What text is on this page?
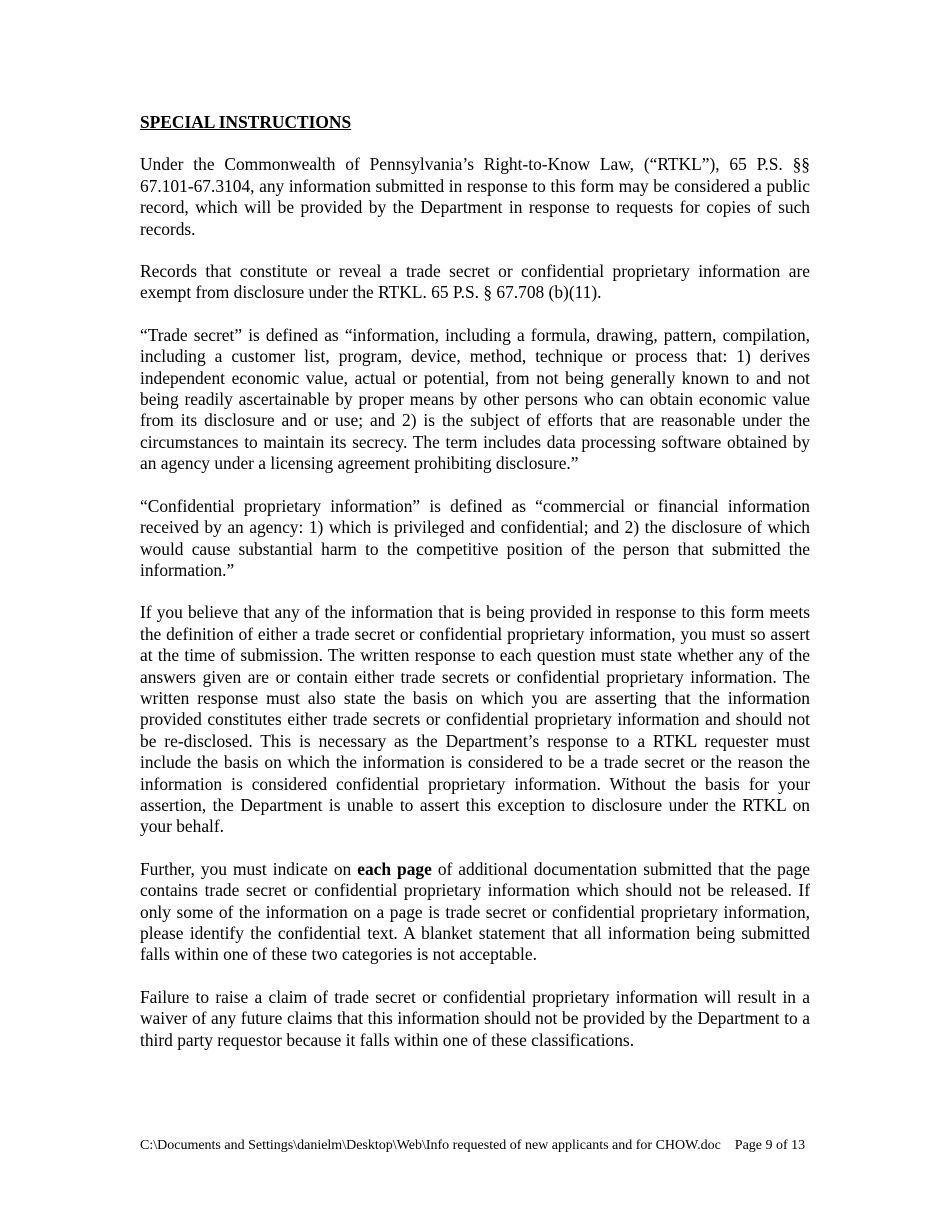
SPECIAL INSTRUCTIONS

Under the Commonwealth of Pennsylvania’s Right-to-Know Law, (“RTKL”), 65 P.S. §§ 67.101-67.3104, any information submitted in response to this form may be considered a public record, which will be provided by the Department in response to requests for copies of such records.

Records that constitute or reveal a trade secret or confidential proprietary information are exempt from disclosure under the RTKL. 65 P.S. § 67.708 (b)(11).

“Trade secret” is defined as “information, including a formula, drawing, pattern, compilation, including a customer list, program, device, method, technique or process that: 1) derives independent economic value, actual or potential, from not being generally known to and not being readily ascertainable by proper means by other persons who can obtain economic value from its disclosure and or use; and 2) is the subject of efforts that are reasonable under the circumstances to maintain its secrecy. The term includes data processing software obtained by an agency under a licensing agreement prohibiting disclosure.”

“Confidential proprietary information” is defined as “commercial or financial information received by an agency: 1) which is privileged and confidential; and 2) the disclosure of which would cause substantial harm to the competitive position of the person that submitted the information.”

If you believe that any of the information that is being provided in response to this form meets the definition of either a trade secret or confidential proprietary information, you must so assert at the time of submission. The written response to each question must state whether any of the answers given are or contain either trade secrets or confidential proprietary information. The written response must also state the basis on which you are asserting that the information provided constitutes either trade secrets or confidential proprietary information and should not be re-disclosed. This is necessary as the Department’s response to a RTKL requester must include the basis on which the information is considered to be a trade secret or the reason the information is considered confidential proprietary information. Without the basis for your assertion, the Department is unable to assert this exception to disclosure under the RTKL on your behalf.

Further, you must indicate on each page of additional documentation submitted that the page contains trade secret or confidential proprietary information which should not be released. If only some of the information on a page is trade secret or confidential proprietary information, please identify the confidential text. A blanket statement that all information being submitted falls within one of these two categories is not acceptable.

Failure to raise a claim of trade secret or confidential proprietary information will result in a waiver of any future claims that this information should not be provided by the Department to a third party requestor because it falls within one of these classifications.

C:\Documents and Settings\danielm\Desktop\Web\Info requested of new applicants and for CHOW.doc Page 9 of 13
